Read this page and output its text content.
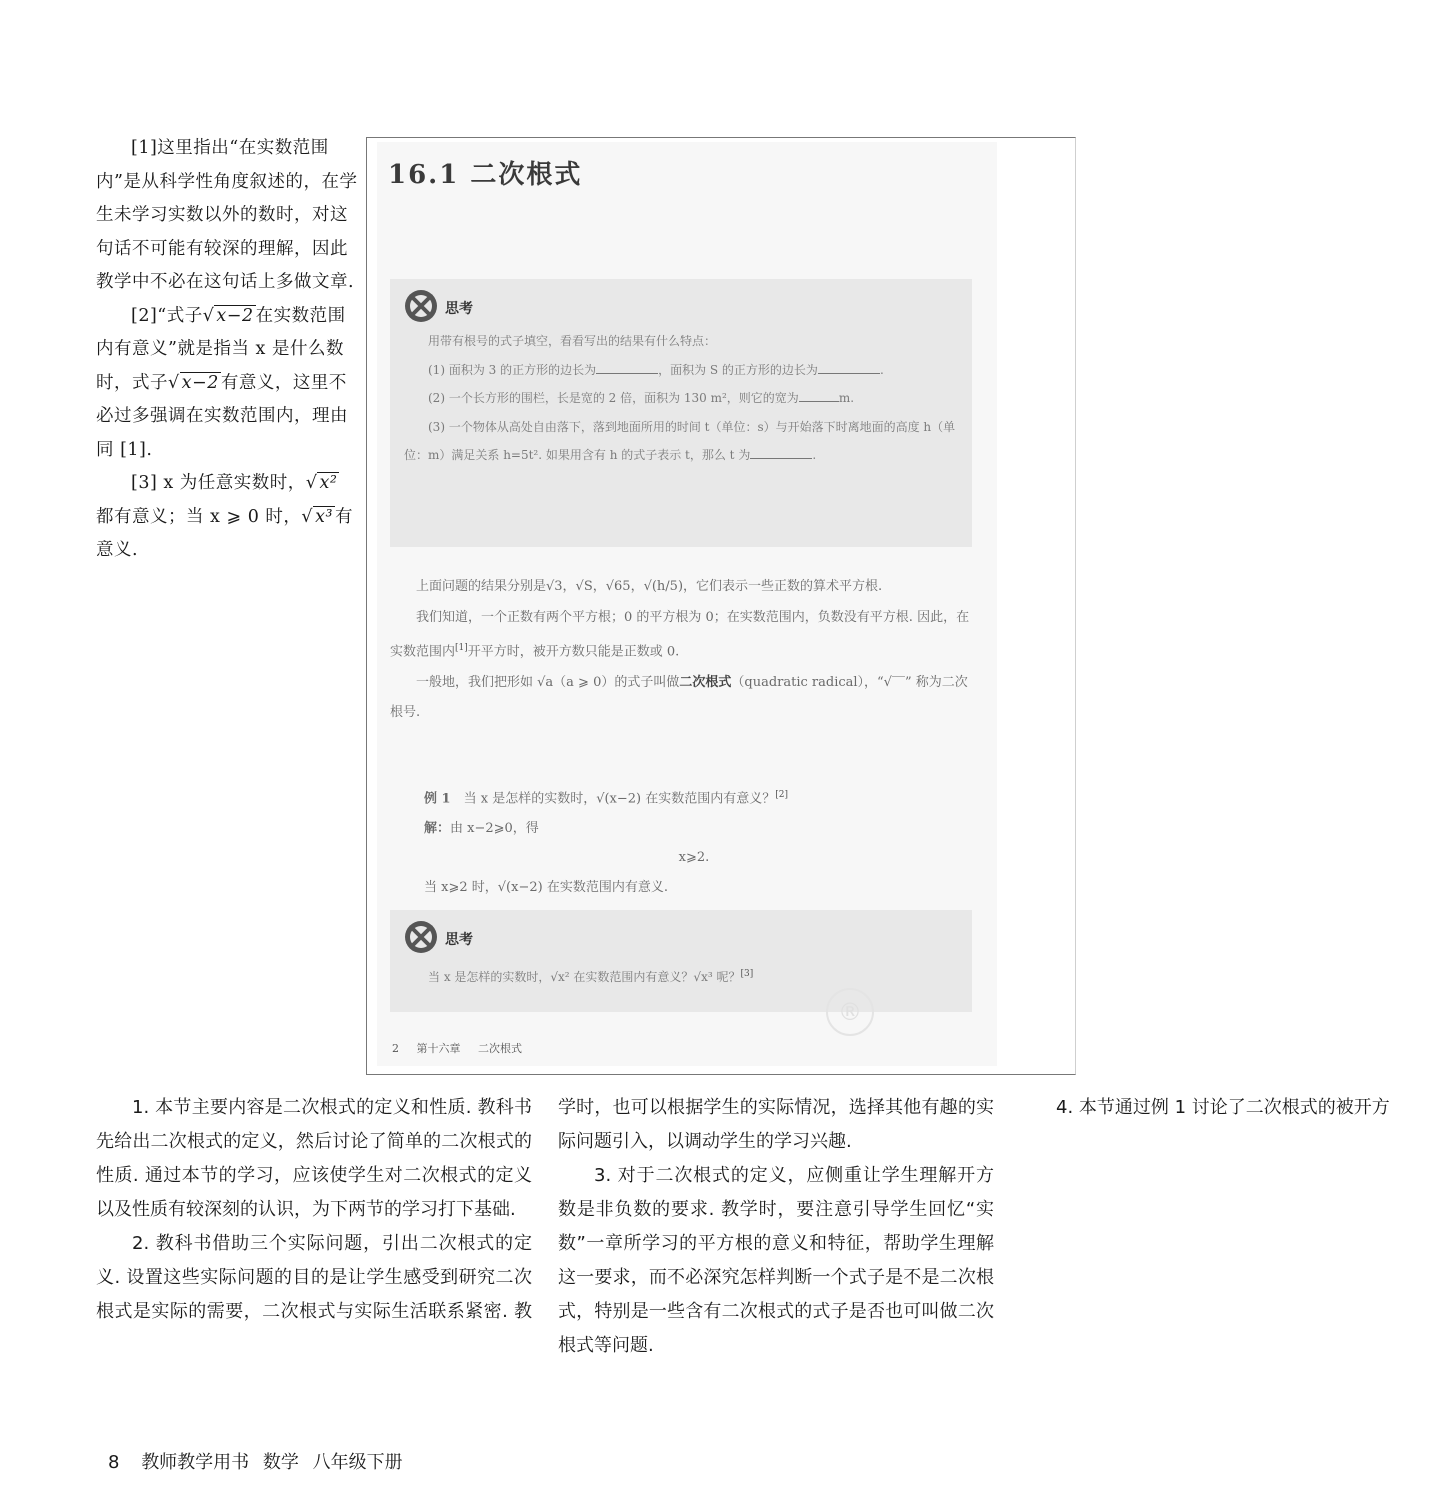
[1]这里指出“在实数范围内”是从科学性角度叙述的，在学生未学习实数以外的数时，对这句话不可能有较深的理解，因此教学中不必在这句话上多做文章.

[2]“式子√ x−2 在实数范围内有意义”就是指当 x 是什么数时，式子√ x−2 有意义，这里不必过多强调在实数范围内，理由同 [1].

[3] x 为任意实数时，√ x² 都有意义；当 x ⩾ 0 时，√ x³ 有意义.

16.1 二次根式
思考

用带有根号的式子填空，看看写出的结果有什么特点：

(1) 面积为 3 的正方形的边长为	，面积为 S 的正方形的边长为	.

(2) 一个长方形的围栏，长是宽的 2 倍，面积为 130 m²，则它的宽为	m.

(3) 一个物体从高处自由落下，落到地面所用的时间 t（单位：s）与开始落下时离地面的高度 h（单位：m）满足关系 h=5t². 如果用含有 h 的式子表示 t，那么 t 为	.

上面问题的结果分别是√3，√S，√65，√(h/5)，它们表示一些正数的算术平方根.

我们知道，一个正数有两个平方根；0 的平方根为 0；在实数范围内，负数没有平方根. 因此，在实数范围内[1]开平方时，被开方数只能是正数或 0.

一般地，我们把形如 √a（a ⩾ 0）的式子叫做二次根式（quadratic radical），“√‾‾” 称为二次根号.

例 1　 当 x 是怎样的实数时，√(x−2) 在实数范围内有意义？[2]

解：由 x−2⩾0，得

x⩾2.

当 x⩾2 时，√(x−2) 在实数范围内有意义.

思考

当 x 是怎样的实数时，√x² 在实数范围内有意义？√x³ 呢？[3]

®
2 第十六章 二次根式

1. 本节主要内容是二次根式的定义和性质. 教科书先给出二次根式的定义，然后讨论了简单的二次根式的性质. 通过本节的学习，应该使学生对二次根式的定义以及性质有较深刻的认识，为下两节的学习打下基础.

2. 教科书借助三个实际问题，引出二次根式的定义. 设置这些实际问题的目的是让学生感受到研究二次根式是实际的需要，二次根式与实际生活联系紧密. 教学时，也可以根据学生的实际情况，选择其他有趣的实际问题引入，以调动学生的学习兴趣.

3. 对于二次根式的定义，应侧重让学生理解开方数是非负数的要求. 教学时，要注意引导学生回忆“实数”一章所学习的平方根的意义和特征，帮助学生理解这一要求，而不必深究怎样判断一个式子是不是二次根式，特别是一些含有二次根式的式子是否也可叫做二次根式等问题.

4. 本节通过例 1 讨论了二次根式的被开方

8 教师教学用书 数学 八年级下册
